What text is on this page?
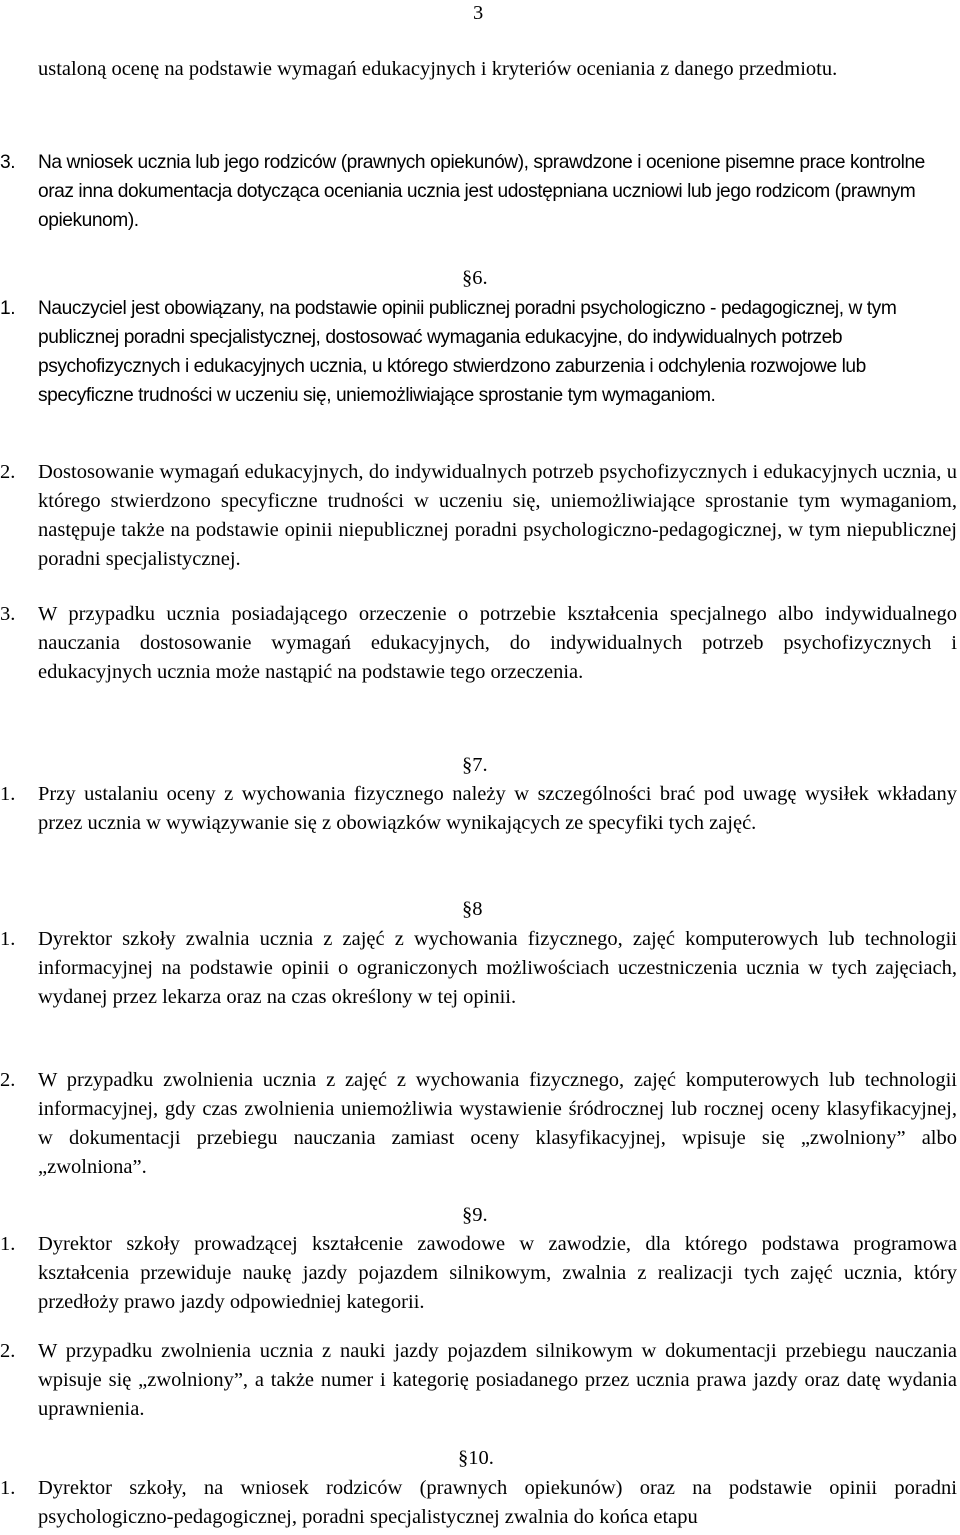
3
ustaloną ocenę na podstawie wymagań edukacyjnych i kryteriów oceniania z danego przedmiotu.
3. Na wniosek ucznia lub jego rodziców (prawnych opiekunów), sprawdzone i ocenione pisemne prace kontrolne oraz inna dokumentacja dotycząca oceniania ucznia jest udostępniana uczniowi lub jego rodzicom (prawnym opiekunom).
§6.
1. Nauczyciel jest obowiązany, na podstawie opinii publicznej poradni psychologiczno - pedagogicznej, w tym publicznej poradni specjalistycznej, dostosować wymagania edukacyjne, do indywidualnych potrzeb psychofizycznych i edukacyjnych ucznia, u którego stwierdzono zaburzenia i odchylenia rozwojowe lub specyficzne trudności w uczeniu się, uniemożliwiające sprostanie tym wymaganiom.
2. Dostosowanie wymagań edukacyjnych, do indywidualnych potrzeb psychofizycznych i edukacyjnych ucznia, u którego stwierdzono specyficzne trudności w uczeniu się, uniemożliwiające sprostanie tym wymaganiom, następuje także na podstawie opinii niepublicznej poradni psychologiczno-pedagogicznej, w tym niepublicznej poradni specjalistycznej.
3. W przypadku ucznia posiadającego orzeczenie o potrzebie kształcenia specjalnego albo indywidualnego nauczania dostosowanie wymagań edukacyjnych, do indywidualnych potrzeb psychofizycznych i edukacyjnych ucznia może nastąpić na podstawie tego orzeczenia.
§7.
1. Przy ustalaniu oceny z wychowania fizycznego należy w szczególności brać pod uwagę wysiłek wkładany przez ucznia w wywiązywanie się z obowiązków wynikających ze specyfiki tych zajęć.
§8
1. Dyrektor szkoły zwalnia ucznia z zajęć z wychowania fizycznego, zajęć komputerowych lub technologii informacyjnej na podstawie opinii o ograniczonych możliwościach uczestniczenia ucznia w tych zajęciach, wydanej przez lekarza oraz na czas określony w tej opinii.
2. W przypadku zwolnienia ucznia z zajęć z wychowania fizycznego, zajęć komputerowych lub technologii informacyjnej, gdy czas zwolnienia uniemożliwia wystawienie śródrocznej lub rocznej oceny klasyfikacyjnej, w dokumentacji przebiegu nauczania zamiast oceny klasyfikacyjnej, wpisuje się „zwolniony” albo „zwolniona”.
§9.
1. Dyrektor szkoły prowadzącej kształcenie zawodowe w zawodzie, dla którego podstawa programowa kształcenia przewiduje naukę jazdy pojazdem silnikowym, zwalnia z realizacji tych zajęć ucznia, który przedłoży prawo jazdy odpowiedniej kategorii.
2. W przypadku zwolnienia ucznia z nauki jazdy pojazdem silnikowym w dokumentacji przebiegu nauczania wpisuje się „zwolniony”, a także numer i kategorię posiadanego przez ucznia prawa jazdy oraz datę wydania uprawnienia.
§10.
1. Dyrektor szkoły, na wniosek rodziców (prawnych opiekunów) oraz na podstawie opinii poradni psychologiczno-pedagogicznej, poradni specjalistycznej zwalnia do końca etapu
